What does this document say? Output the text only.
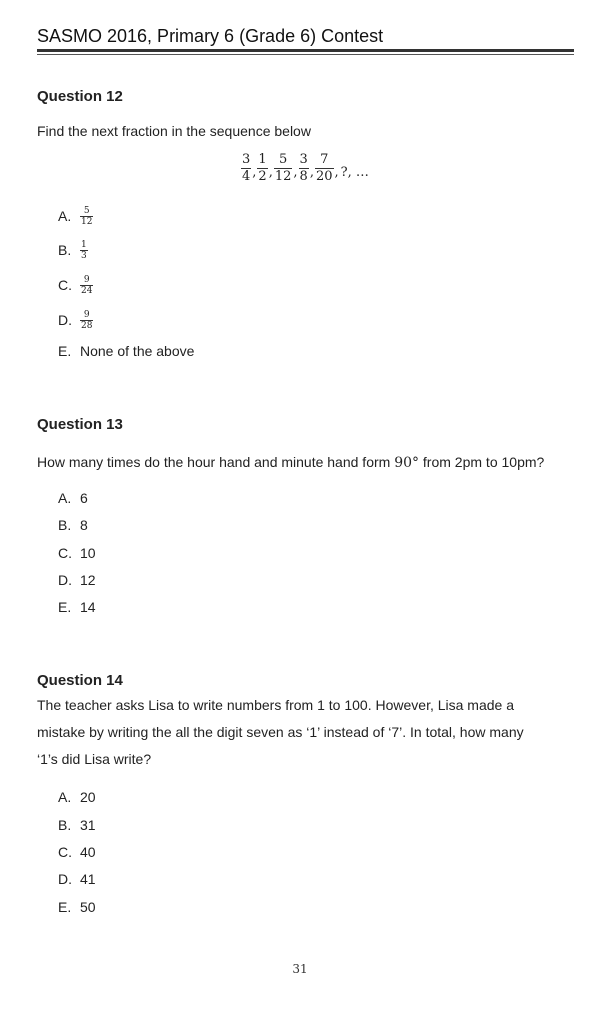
SASMO 2016, Primary 6 (Grade 6) Contest
Question 12
Find the next fraction in the sequence below
$\frac{3}{4}$ , $\frac{1}{2}$ , $\frac{5}{12}$ , $\frac{3}{8}$ , $\frac{7}{20}$ , ?, …
A. $\frac{5}{12}$
B. $\frac{1}{3}$
C. $\frac{9}{24}$
D. $\frac{9}{28}$
E. None of the above
Question 13
How many times do the hour hand and minute hand form 90° from 2pm to 10pm?
A. 6
B. 8
C. 10
D. 12
E. 14
Question 14
The teacher asks Lisa to write numbers from 1 to 100. However, Lisa made a
mistake by writing the all the digit seven as ‘1’ instead of ‘7’. In total, how many
‘1’s did Lisa write?
A. 20
B. 31
C. 40
D. 41
E. 50
31
